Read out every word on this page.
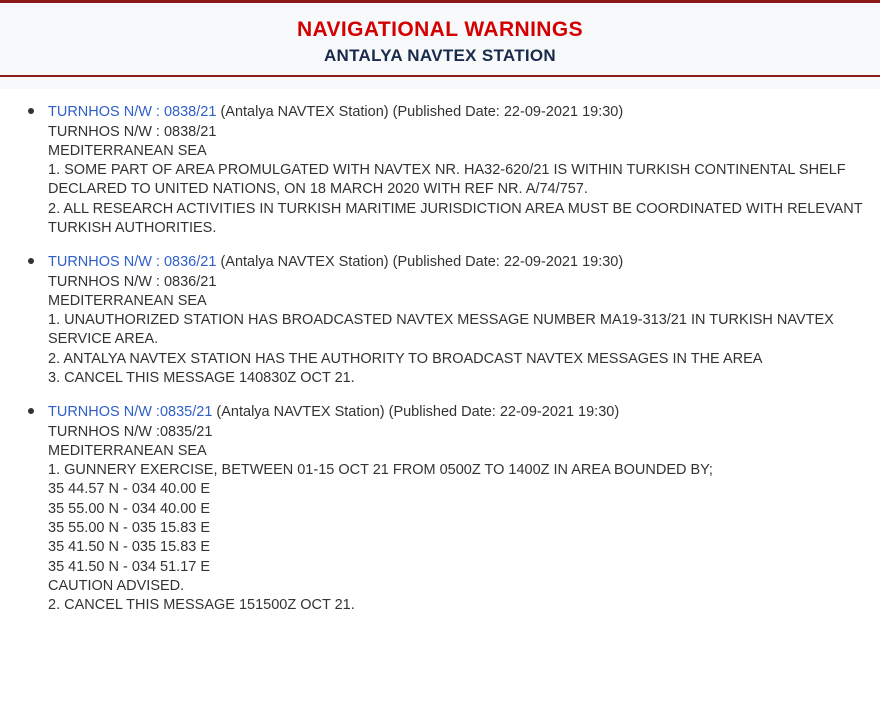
NAVIGATIONAL WARNINGS
ANTALYA NAVTEX STATION
TURNHOS N/W : 0838/21 (Antalya NAVTEX Station) (Published Date: 22-09-2021 19:30)
TURNHOS N/W : 0838/21
MEDITERRANEAN SEA
1. SOME PART OF AREA PROMULGATED WITH NAVTEX NR. HA32-620/21 IS WITHIN TURKISH CONTINENTAL SHELF DECLARED TO UNITED NATIONS, ON 18 MARCH 2020 WITH REF NR. A/74/757.
2. ALL RESEARCH ACTIVITIES IN TURKISH MARITIME JURISDICTION AREA MUST BE COORDINATED WITH RELEVANT TURKISH AUTHORITIES.
TURNHOS N/W : 0836/21 (Antalya NAVTEX Station) (Published Date: 22-09-2021 19:30)
TURNHOS N/W : 0836/21
MEDITERRANEAN SEA
1. UNAUTHORIZED STATION HAS BROADCASTED NAVTEX MESSAGE NUMBER MA19-313/21 IN TURKISH NAVTEX SERVICE AREA.
2. ANTALYA NAVTEX STATION HAS THE AUTHORITY TO BROADCAST NAVTEX MESSAGES IN THE AREA
3. CANCEL THIS MESSAGE 140830Z OCT 21.
TURNHOS N/W :0835/21 (Antalya NAVTEX Station) (Published Date: 22-09-2021 19:30)
TURNHOS N/W :0835/21
MEDITERRANEAN SEA
1. GUNNERY EXERCISE, BETWEEN 01-15 OCT 21 FROM 0500Z TO 1400Z IN AREA BOUNDED BY;
35 44.57 N - 034 40.00 E
35 55.00 N - 034 40.00 E
35 55.00 N - 035 15.83 E
35 41.50 N - 035 15.83 E
35 41.50 N - 034 51.17 E
CAUTION ADVISED.
2. CANCEL THIS MESSAGE 151500Z OCT 21.
